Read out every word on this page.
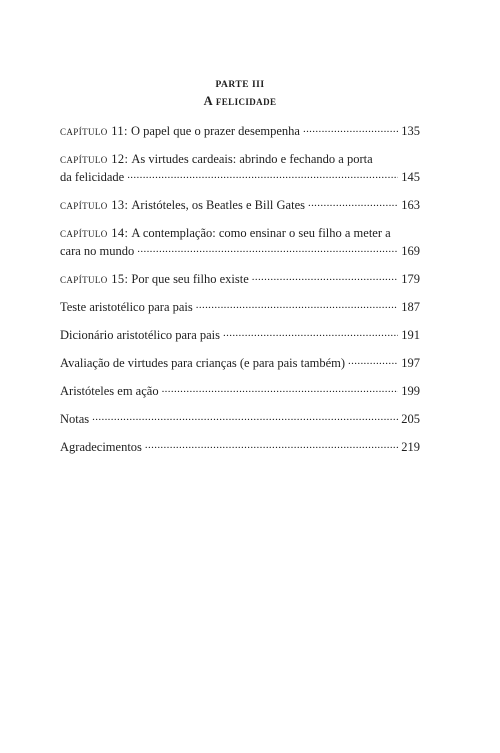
PARTE III
A felicidade
capítulo 11: O papel que o prazer desempenha . . .	135
capítulo 12: As virtudes cardeais: abrindo e fechando a porta
da felicidade . . .	145
capítulo 13: Aristóteles, os Beatles e Bill Gates . . .	163
capítulo 14: A contemplação: como ensinar o seu filho a meter a
cara no mundo . . .	169
capítulo 15: Por que seu filho existe . . .	179
Teste aristotélico para pais . . .	187
Dicionário aristotélico para pais . . .	191
Avaliação de virtudes para crianças (e para pais também) . . .	197
Aristóteles em ação . . .	199
Notas . . .	205
Agradecimentos . . .	219
